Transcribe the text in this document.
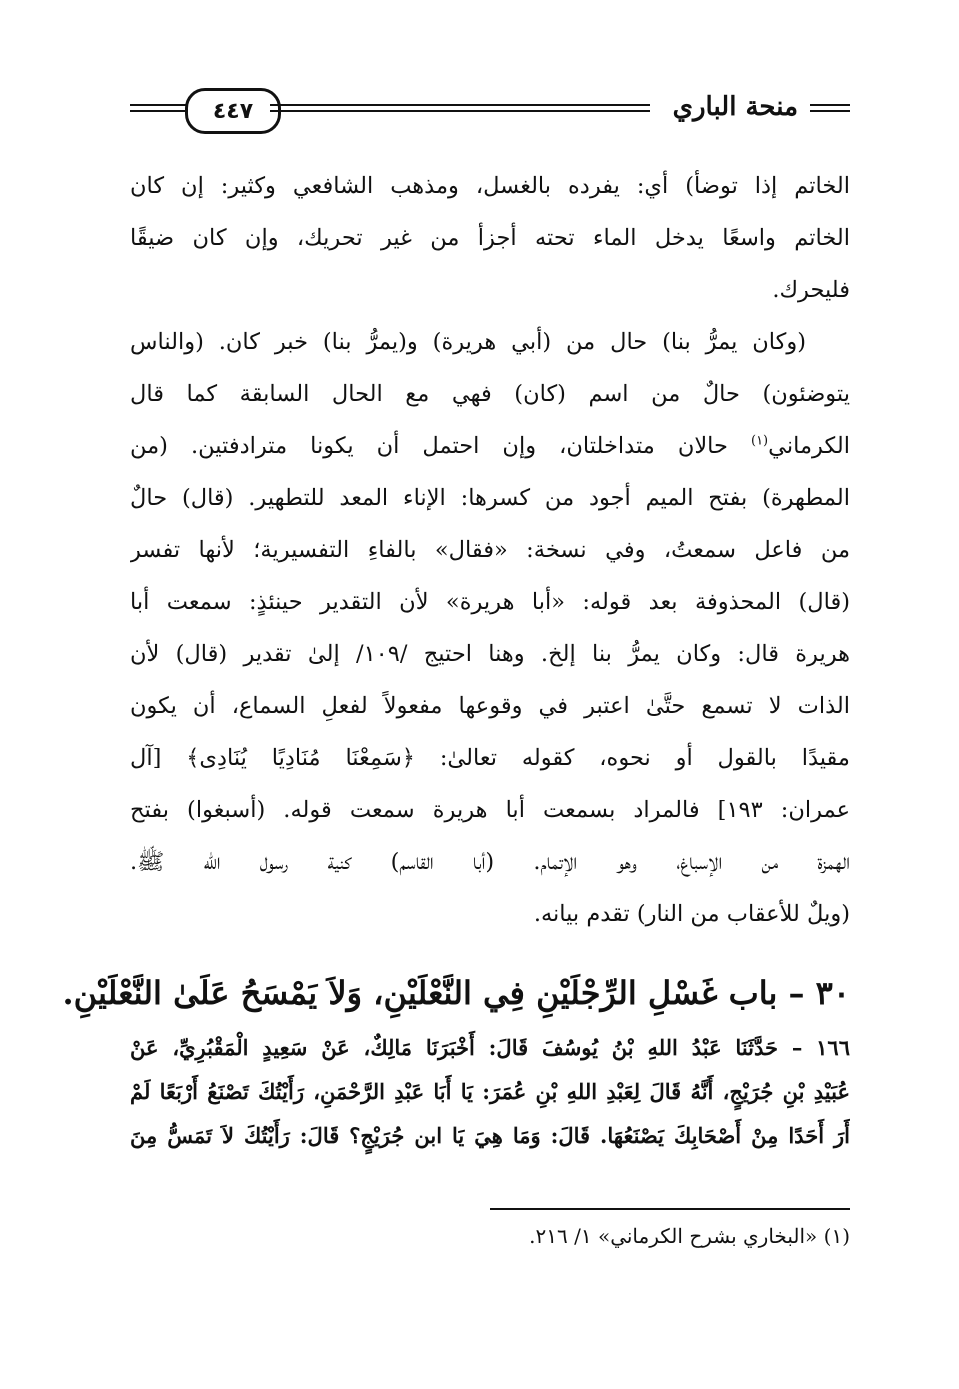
٤٤٧	منحة الباري
الخاتم إذا توضأ) أي: يفرده بالغسل، ومذهب الشافعي وكثير: إن كان
الخاتم واسعًا يدخل الماء تحته أجزأ من غير تحريك، وإن كان ضيقًا
فليحرك.
(وكان يمرُّ بنا) حال من (أبي هريرة) و(يمرُّ بنا) خبر كان. (والناس
يتوضئون) حالٌ من اسم (كان) فهي مع الحال السابقة كما قال
الكرماني$^{(١)}$ حالان متداخلتان، وإن احتمل أن يكونا مترادفتين. (من
المطهرة) بفتح الميم أجود من كسرها: الإناء المعد للتطهير. (قال) حالٌ
من فاعل سمعتُ، وفي نسخة: «فقال» بالفاءِ التفسيرية؛ لأنها تفسر
(قال) المحذوفة بعد قوله: «أبا هريرة» لأن التقدير حينئذٍ: سمعت أبا
هريرة قال: وكان يمرُّ بنا إلخ. وهنا احتيج /١٠٩/ إلىٰ تقدير (قال) لأن
الذات لا تسمع حتَّىٰ اعتبر في وقوعها مفعولاً لفعلِ السماع، أن يكون
مقيدًا بالقول أو نحوه، كقوله تعالىٰ: ﴿سَمِعْنَا مُنَادِيًا يُنَادِى﴾ [آل
عمران: ١٩٣] فالمراد بسمعت أبا هريرة سمعت قوله. (أسبغوا) بفتح
الهمزة من الإسباغ، وهو الإتمام. (أبا القاسم) كنية رسول الله ﷺ.
(ويلٌ للأعقاب من النار) تقدم بيانه.
٣٠ – باب غَسْلِ الرِّجْلَيْنِ فِي النَّعْلَيْنِ، وَلاَ يَمْسَحُ عَلَىٰ النَّعْلَيْنِ.
١٦٦ – حَدَّثَنَا عَبْدُ اللهِ بْنُ يُوسُفَ قَالَ: أَخْبَرَنَا مَالِكٌ، عَنْ سَعِيدٍ الْمَقْبُرِيِّ، عَنْ
عُبَيْدِ بْنِ جُرَيْجٍ، أَنَّهُ قَالَ لِعَبْدِ اللهِ بْنِ عُمَرَ: يَا أَبَا عَبْدِ الرَّحْمَنِ، رَأَيْتُكَ تَصْنَعُ أَرْبَعًا لَمْ
أَرَ أَحَدًا مِنْ أَصْحَابِكَ يَصْنَعُهَا. قَالَ: وَمَا هِيَ يَا ابن جُرَيْجٍ؟ قَالَ: رَأَيْتُكَ لاَ تَمَسُّ مِنَ
(١) «البخاري بشرح الكرماني» ١/ ٢١٦.
